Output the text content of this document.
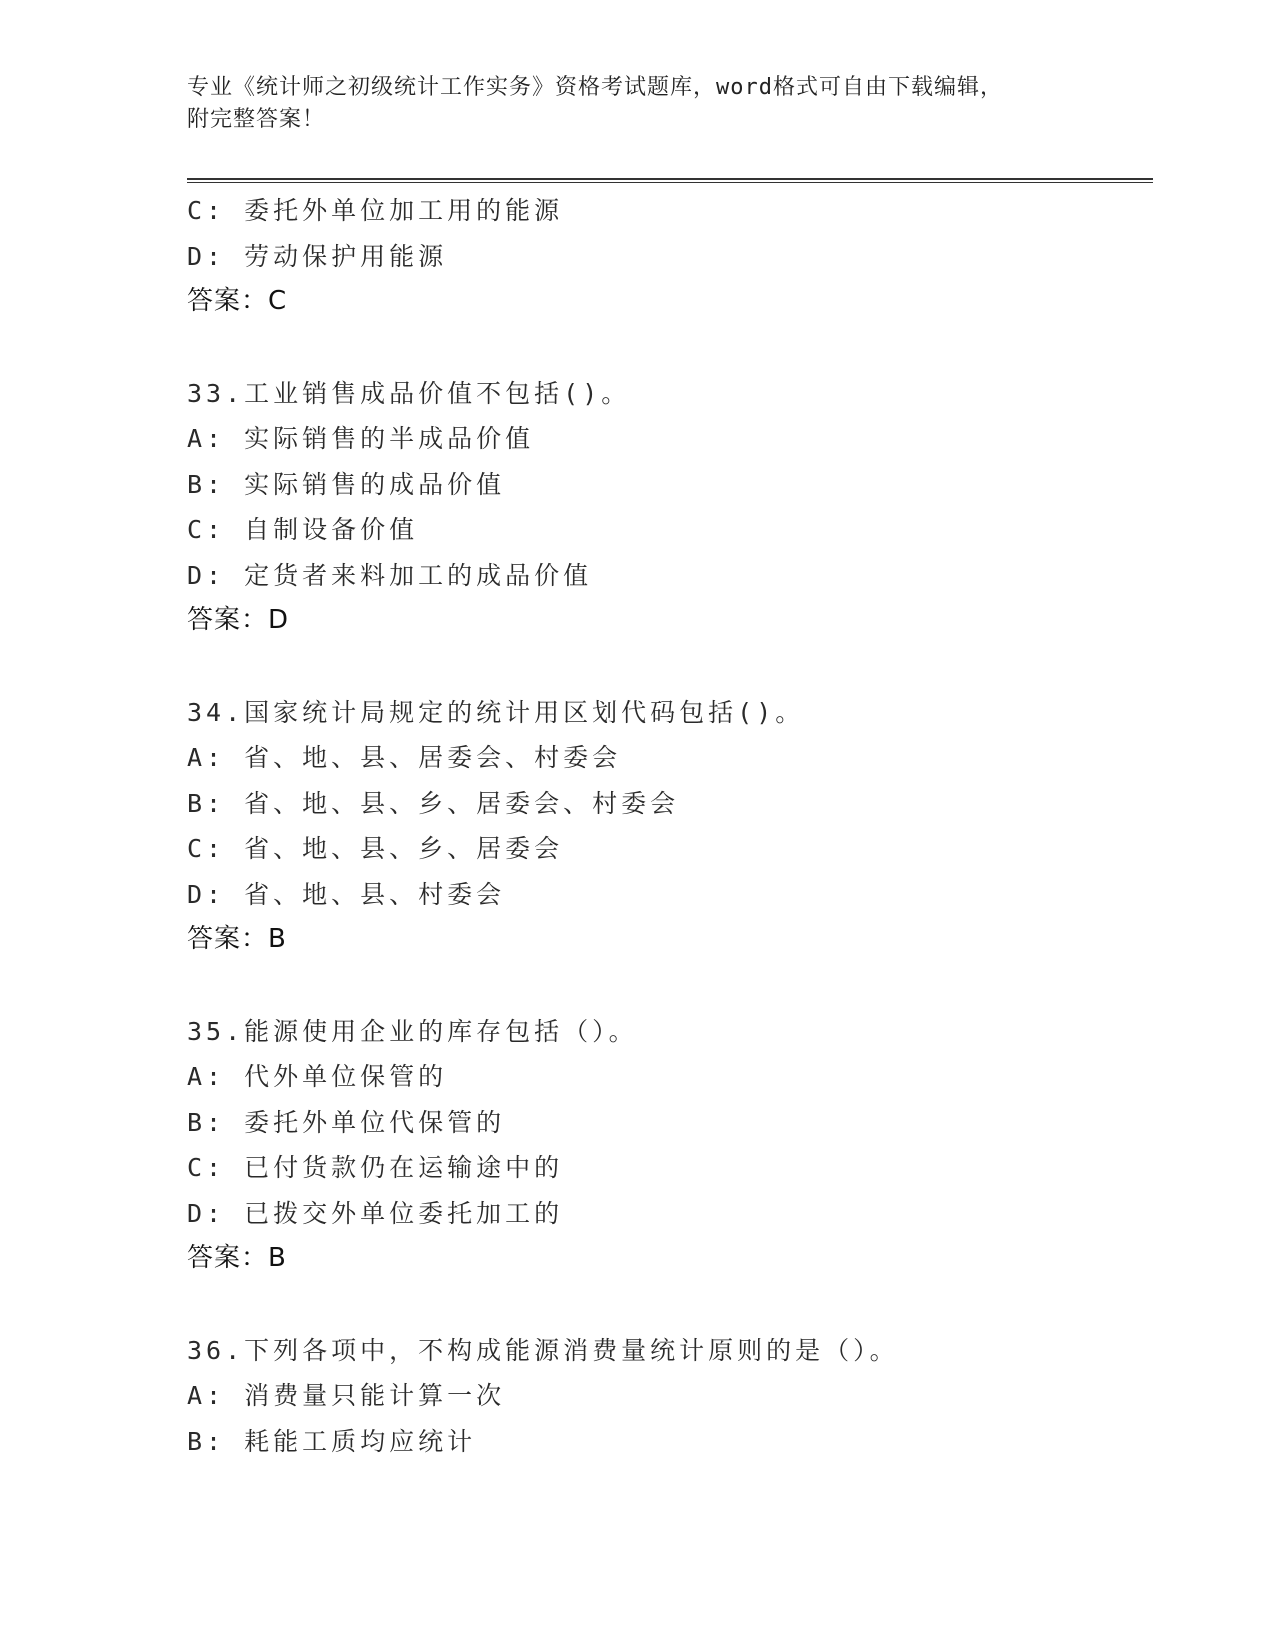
专业《统计师之初级统计工作实务》资格考试题库，word格式可自由下载编辑，
附完整答案！
C: 委托外单位加工用的能源
D: 劳动保护用能源
答案：C
33.工业销售成品价值不包括()。
A: 实际销售的半成品价值
B: 实际销售的成品价值
C: 自制设备价值
D: 定货者来料加工的成品价值
答案：D
34.国家统计局规定的统计用区划代码包括()。
A: 省、地、县、居委会、村委会
B: 省、地、县、乡、居委会、村委会
C: 省、地、县、乡、居委会
D: 省、地、县、村委会
答案：B
35.能源使用企业的库存包括（）。
A: 代外单位保管的
B: 委托外单位代保管的
C: 已付货款仍在运输途中的
D: 已拨交外单位委托加工的
答案：B
36.下列各项中，不构成能源消费量统计原则的是（）。
A: 消费量只能计算一次
B: 耗能工质均应统计
